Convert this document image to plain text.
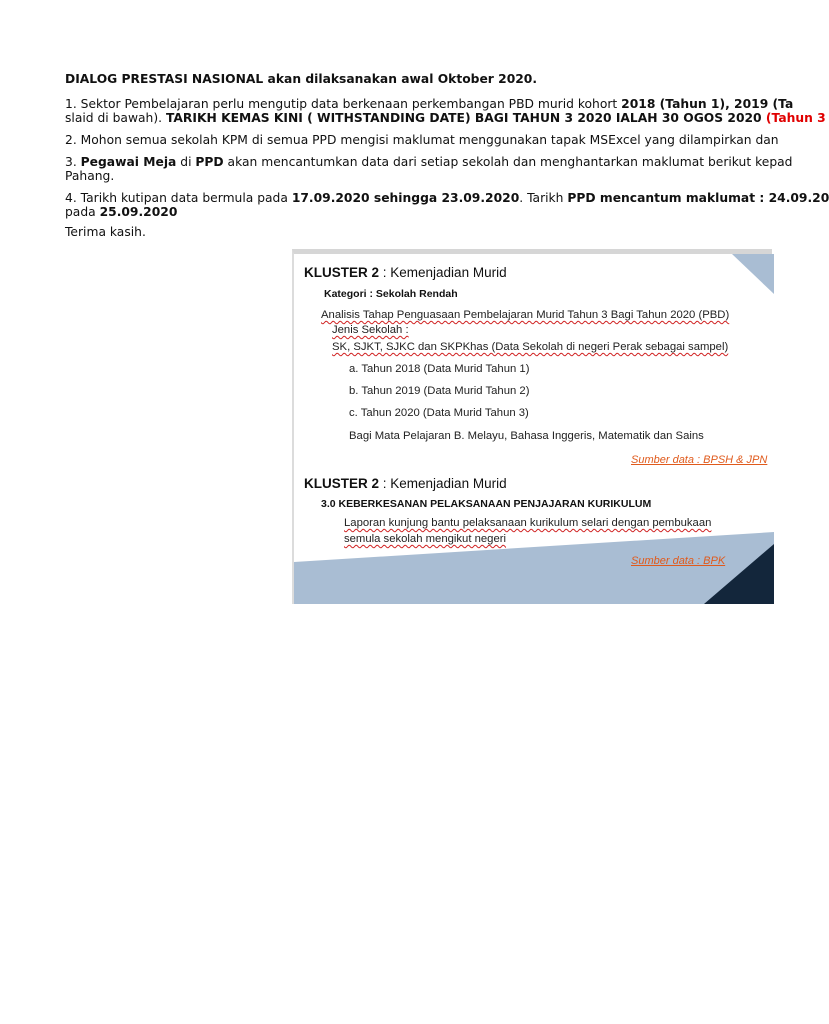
DIALOG PRESTASI NASIONAL akan dilaksanakan awal Oktober 2020.

1. Sektor Pembelajaran perlu mengutip data berkenaan perkembangan PBD murid kohort 2018 (Tahun 1), 2019 (Ta

slaid di bawah). TARIKH KEMAS KINI ( WITHSTANDING DATE) BAGI TAHUN 3 2020 IALAH 30 OGOS 2020 (Tahun 3

2. Mohon semua sekolah KPM di semua PPD mengisi maklumat menggunakan tapak MSExcel yang dilampirkan dan

3. Pegawai Meja di PPD akan mencantumkan data dari setiap sekolah dan menghantarkan maklumat berikut kepad

Pahang.

4. Tarikh kutipan data bermula pada 17.09.2020 sehingga 23.09.2020. Tarikh PPD mencantum maklumat : 24.09.20

pada 25.09.2020

Terima kasih.

KLUSTER 2 : Kemenjadian Murid
Kategori : Sekolah Rendah
Analisis Tahap Penguasaan Pembelajaran Murid Tahun 3 Bagi Tahun 2020 (PBD)
Jenis Sekolah :
SK, SJKT, SJKC dan SKPKhas (Data Sekolah di negeri Perak sebagai sampel)
a. Tahun 2018 (Data Murid Tahun 1)
b. Tahun 2019 (Data Murid Tahun 2)
c. Tahun 2020 (Data Murid Tahun 3)
Bagi Mata Pelajaran B. Melayu, Bahasa Inggeris, Matematik dan Sains
Sumber data : BPSH & JPN
KLUSTER 2 : Kemenjadian Murid
3.0 KEBERKESANAN PELAKSANAAN PENJAJARAN KURIKULUM
Laporan kunjung bantu pelaksanaan kurikulum selari dengan pembukaan
semula sekolah mengikut negeri
Sumber data : BPK
